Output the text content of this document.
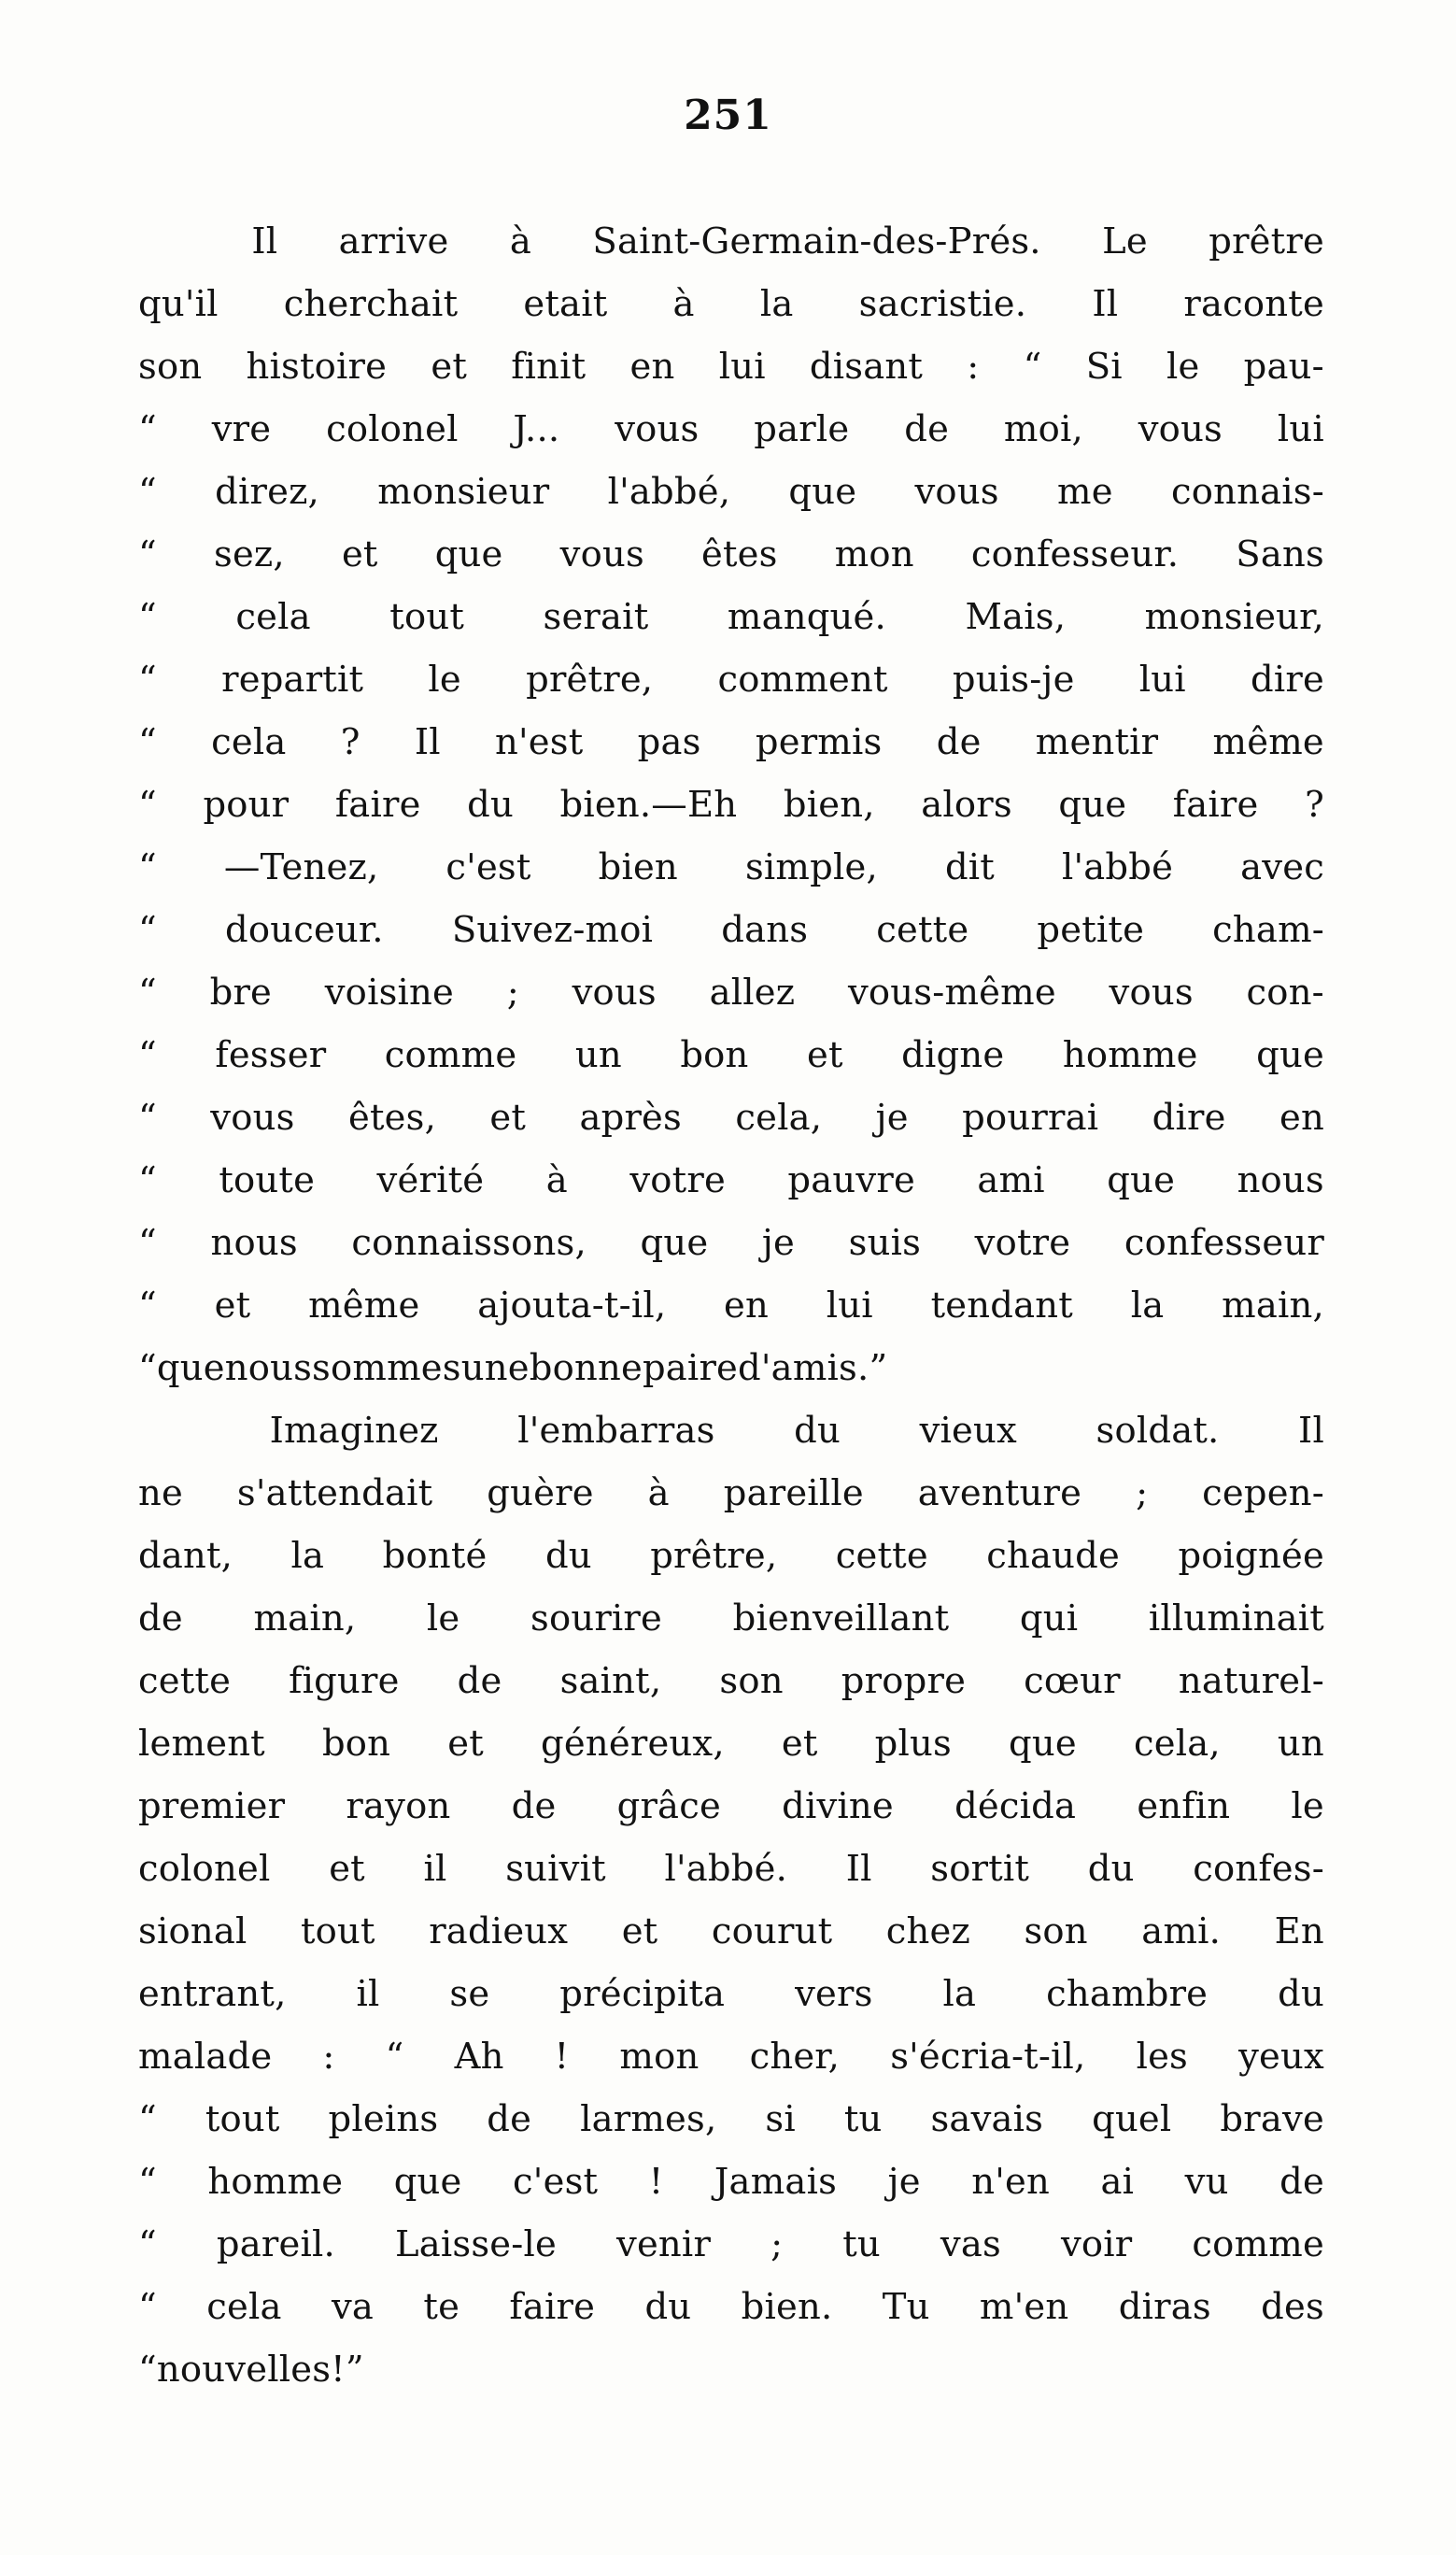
251
Il arrive à Saint-Germain-des-Prés. Le prêtre
qu'il cherchait etait à la sacristie. Il raconte
son histoire et finit en lui disant : “ Si le pau-
“ vre colonel J... vous parle de moi, vous lui
“ direz, monsieur l'abbé, que vous me connais-
“ sez, et que vous êtes mon confesseur. Sans
“ cela tout serait manqué. Mais, monsieur,
“ repartit le prêtre, comment puis-je lui dire
“ cela ? Il n'est pas permis de mentir même
“ pour faire du bien.—Eh bien, alors que faire ?
“ —Tenez, c'est bien simple, dit l'abbé avec
“ douceur. Suivez-moi dans cette petite cham-
“ bre voisine ; vous allez vous-même vous con-
“ fesser comme un bon et digne homme que
“ vous êtes, et après cela, je pourrai dire en
“ toute vérité à votre pauvre ami que nous
“ nous connaissons, que je suis votre confesseur
“ et même ajouta-t-il, en lui tendant la main,
“ que nous sommes une bonne paire d'amis. ”
Imaginez l'embarras du vieux soldat. Il
ne s'attendait guère à pareille aventure ; cepen-
dant, la bonté du prêtre, cette chaude poignée
de main, le sourire bienveillant qui illuminait
cette figure de saint, son propre cœur naturel-
lement bon et généreux, et plus que cela, un
premier rayon de grâce divine décida enfin le
colonel et il suivit l'abbé. Il sortit du confes-
sional tout radieux et courut chez son ami. En
entrant, il se précipita vers la chambre du
malade : “ Ah ! mon cher, s'écria-t-il, les yeux
“ tout pleins de larmes, si tu savais quel brave
“ homme que c'est ! Jamais je n'en ai vu de
“ pareil. Laisse-le venir ; tu vas voir comme
“ cela va te faire du bien. Tu m'en diras des
“ nouvelles !”
